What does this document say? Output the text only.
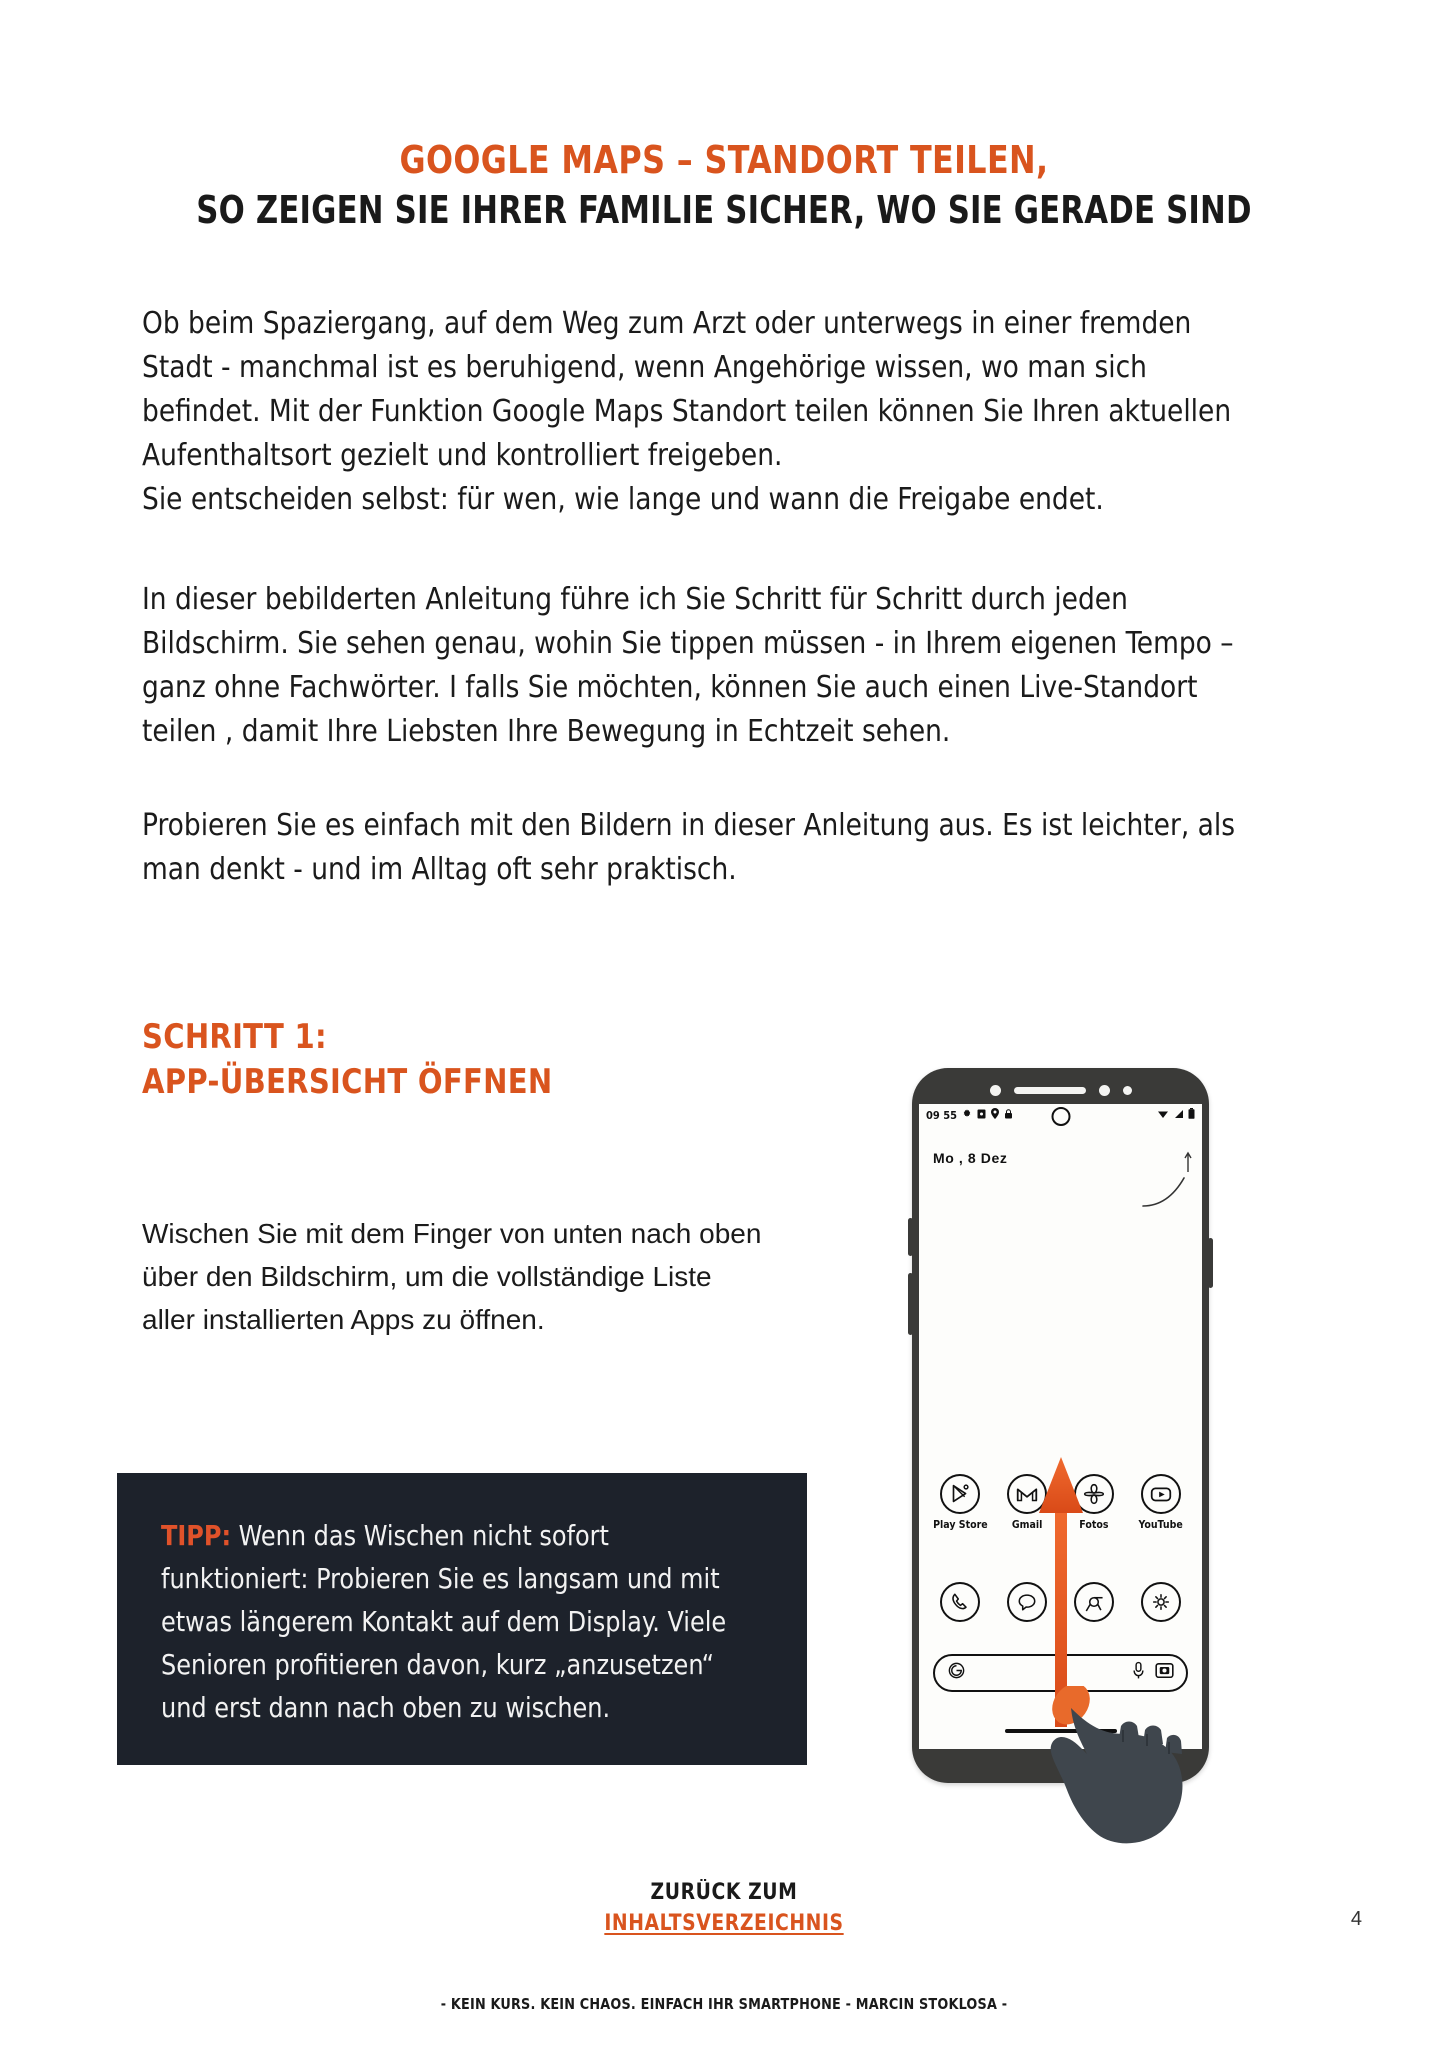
GOOGLE MAPS – STANDORT TEILEN,
SO ZEIGEN SIE IHRER FAMILIE SICHER, WO SIE GERADE SIND

Ob beim Spaziergang, auf dem Weg zum Arzt oder unterwegs in einer fremden Stadt - manchmal ist es beruhigend, wenn Angehörige wissen, wo man sich befindet. Mit der Funktion Google Maps Standort teilen können Sie Ihren aktuellen Aufenthaltsort gezielt und kontrolliert freigeben.

Sie entscheiden selbst: für wen, wie lange und wann die Freigabe endet.

In dieser bebilderten Anleitung führe ich Sie Schritt für Schritt durch jeden Bildschirm. Sie sehen genau, wohin Sie tippen müssen - in Ihrem eigenen Tempo – ganz ohne Fachwörter. I falls Sie möchten, können Sie auch einen Live-Standort teilen , damit Ihre Liebsten Ihre Bewegung in Echtzeit sehen.

Probieren Sie es einfach mit den Bildern in dieser Anleitung aus. Es ist leichter, als man denkt - und im Alltag oft sehr praktisch.

SCHRITT 1:
APP-ÜBERSICHT ÖFFNEN
Wischen Sie mit dem Finger von unten nach oben über den Bildschirm, um die vollständige Liste aller installierten Apps zu öffnen.
TIPP: Wenn das Wischen nicht sofort funktioniert: Probieren Sie es langsam und mit etwas längerem Kontakt auf dem Display. Viele Senioren profitieren davon, kurz „anzusetzen“ und erst dann nach oben zu wischen.
09 55
Mo , 8 Dez
Play Store Gmail	Fotos	YouTube
ZURÜCK ZUM
INHALTSVERZEICHNIS	4
- KEIN KURS. KEIN CHAOS. EINFACH IHR SMARTPHONE - MARCIN STOKLOSA -
